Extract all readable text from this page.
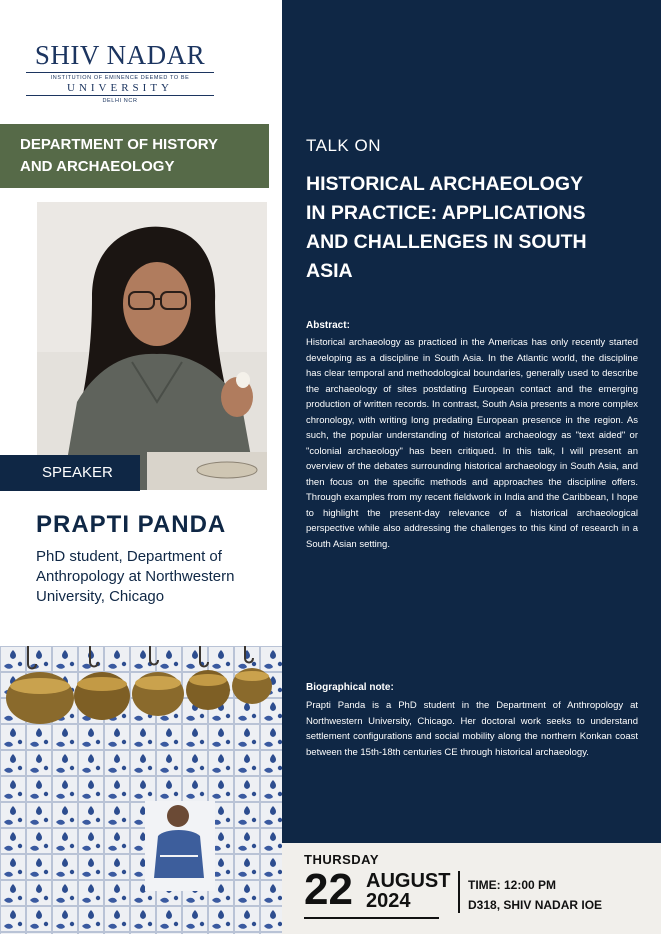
SHIV NADAR
INSTITUTION OF EMINENCE DEEMED TO BE
UNIVERSITY
DELHI NCR
DEPARTMENT OF HISTORY
AND ARCHAEOLOGY
SPEAKER
PRAPTI PANDA
PhD student, Department of Anthropology at Northwestern University, Chicago
TALK ON
HISTORICAL ARCHAEOLOGY
IN PRACTICE: APPLICATIONS
AND CHALLENGES IN SOUTH
ASIA
Abstract:
Historical archaeology as practiced in the Americas has only recently started developing as a discipline in South Asia. In the Atlantic world, the discipline has clear temporal and methodological boundaries, generally used to describe the archaeology of sites postdating European contact and the emerging production of written records. In contrast, South Asia presents a more complex chronology, with writing long predating European presence in the region. As such, the popular understanding of historical archaeology as "text aided" or "colonial archaeology" has been critiqued. In this talk, I will present an overview of the debates surrounding historical archaeology in South Asia, and then focus on the specific methods and approaches the discipline offers. Through examples from my recent fieldwork in India and the Caribbean, I hope to highlight the present-day relevance of a historical archaeological perspective while also addressing the challenges to this kind of research in a South Asian setting.
Biographical note:
Prapti Panda is a PhD student in the Department of Anthropology at Northwestern University, Chicago. Her doctoral work seeks to understand settlement configurations and social mobility along the northern Konkan coast between the 15th-18th centuries CE through historical archaeology.
THURSDAY
22 AUGUST
2024
TIME: 12:00 PM
D318, SHIV NADAR IOE
